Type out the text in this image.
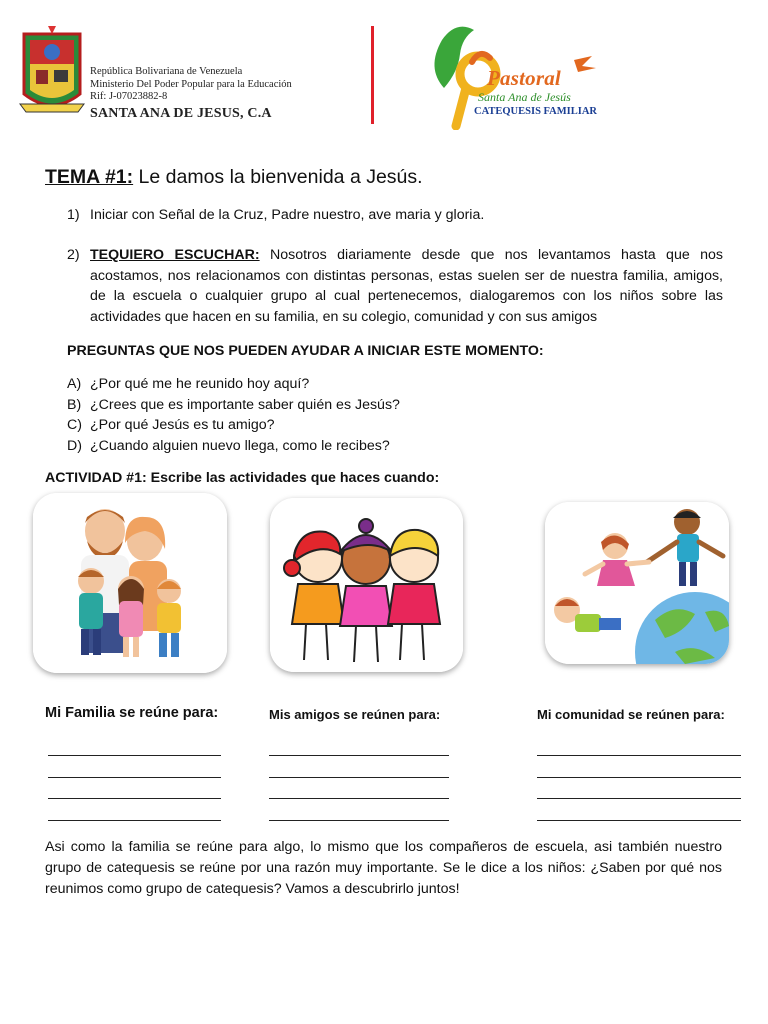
República Bolivariana de Venezuela
Ministerio Del Poder Popular para la Educación
Rif: J-07023882-8
SANTA ANA DE JESUS, C.A
Pastoral
Santa Ana de Jesús
CATEQUESIS FAMILIAR
TEMA #1: Le damos la bienvenida a Jesús.
1) Iniciar con Señal de la Cruz, Padre nuestro, ave maria y gloria.
2) TEQUIERO ESCUCHAR: Nosotros diariamente desde que nos levantamos hasta que nos acostamos, nos relacionamos con distintas personas, estas suelen ser de nuestra familia, amigos, de la escuela o cualquier grupo al cual pertenecemos, dialogaremos con los niños sobre las actividades que hacen en su familia, en su colegio, comunidad y con sus amigos
PREGUNTAS QUE NOS PUEDEN AYUDAR A INICIAR ESTE MOMENTO:
A) ¿Por qué me he reunido hoy aquí?
B) ¿Crees que es importante saber quién es Jesús?
C) ¿Por qué Jesús es tu amigo?
D) ¿Cuando alguien nuevo llega, como le recibes?
ACTIVIDAD #1: Escribe las actividades que haces cuando:
Mi Familia se reúne para:	Mis amigos se reúnen para:	Mi comunidad se reúnen para:
Asi como la familia se reúne para algo, lo mismo que los compañeros de escuela, asi también nuestro grupo de catequesis se reúne por una razón muy importante. Se le dice a los niños: ¿Saben por qué nos reunimos como grupo de catequesis? Vamos a descubrirlo juntos!
